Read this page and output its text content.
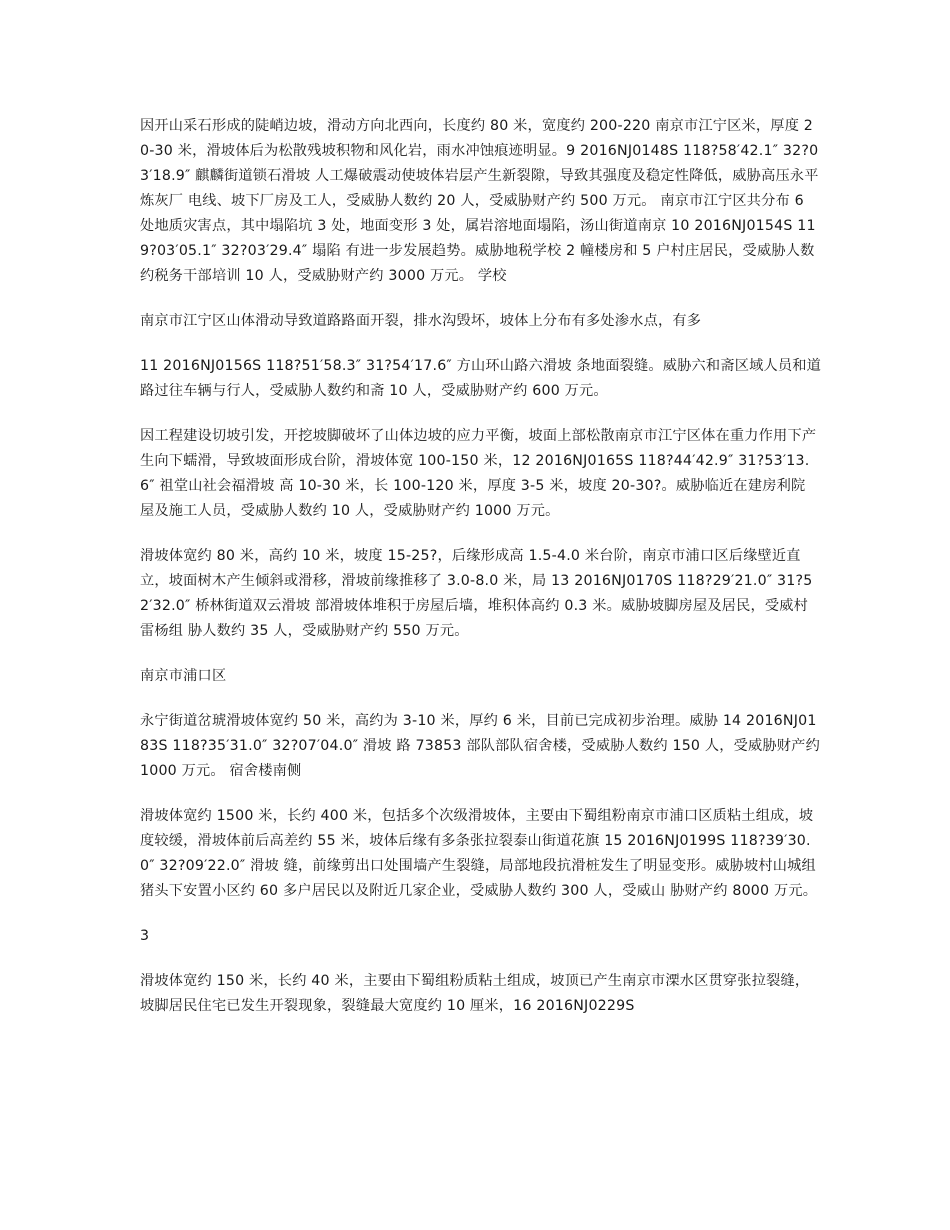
因开山采石形成的陡峭边坡，滑动方向北西向，长度约 80 米，宽度约 200-220 南京市江宁区米，厚度 20-30 米，滑坡体后为松散残坡积物和风化岩，雨水冲蚀痕迹明显。9 2016NJ0148S 118?58′42.1″ 32?03′18.9″ 麒麟街道锁石滑坡 人工爆破震动使坡体岩层产生新裂隙，导致其强度及稳定性降低，威胁高压永平炼灰厂 电线、坡下厂房及工人，受威胁人数约 20 人，受威胁财产约 500 万元。 南京市江宁区共分布 6 处地质灾害点，其中塌陷坑 3 处，地面变形 3 处，属岩溶地面塌陷，汤山街道南京 10 2016NJ0154S 119?03′05.1″ 32?03′29.4″ 塌陷 有进一步发展趋势。威胁地税学校 2 幢楼房和 5 户村庄居民，受威胁人数约税务干部培训 10 人，受威胁财产约 3000 万元。 学校

南京市江宁区山体滑动导致道路路面开裂，排水沟毁坏，坡体上分布有多处渗水点，有多

11 2016NJ0156S 118?51′58.3″ 31?54′17.6″ 方山环山路六滑坡 条地面裂缝。威胁六和斋区域人员和道路过往车辆与行人，受威胁人数约和斋 10 人，受威胁财产约 600 万元。

因工程建设切坡引发，开挖坡脚破坏了山体边坡的应力平衡，坡面上部松散南京市江宁区体在重力作用下产生向下蠕滑，导致坡面形成台阶，滑坡体宽 100-150 米，12 2016NJ0165S 118?44′42.9″ 31?53′13.6″ 祖堂山社会福滑坡 高 10-30 米，长 100-120 米，厚度 3-5 米，坡度 20-30?。威胁临近在建房利院 屋及施工人员，受威胁人数约 10 人，受威胁财产约 1000 万元。

滑坡体宽约 80 米，高约 10 米，坡度 15-25?，后缘形成高 1.5-4.0 米台阶，南京市浦口区后缘壁近直立，坡面树木产生倾斜或滑移，滑坡前缘推移了 3.0-8.0 米，局 13 2016NJ0170S 118?29′21.0″ 31?52′32.0″ 桥林街道双云滑坡 部滑坡体堆积于房屋后墙，堆积体高约 0.3 米。威胁坡脚房屋及居民，受威村雷杨组 胁人数约 35 人，受威胁财产约 550 万元。

南京市浦口区

永宁街道岔琥滑坡体宽约 50 米，高约为 3-10 米，厚约 6 米，目前已完成初步治理。威胁 14 2016NJ0183S 118?35′31.0″ 32?07′04.0″ 滑坡 路 73853 部队部队宿舍楼，受威胁人数约 150 人，受威胁财产约 1000 万元。 宿舍楼南侧

滑坡体宽约 1500 米，长约 400 米，包括多个次级滑坡体，主要由下蜀组粉南京市浦口区质粘土组成，坡度较缓，滑坡体前后高差约 55 米，坡体后缘有多条张拉裂泰山街道花旗 15 2016NJ0199S 118?39′30.0″ 32?09′22.0″ 滑坡 缝，前缘剪出口处围墙产生裂缝，局部地段抗滑桩发生了明显变形。威胁坡村山城组猪头下安置小区约 60 多户居民以及附近几家企业，受威胁人数约 300 人，受威山 胁财产约 8000 万元。

3

滑坡体宽约 150 米，长约 40 米，主要由下蜀组粉质粘土组成，坡顶已产生南京市溧水区贯穿张拉裂缝，坡脚居民住宅已发生开裂现象，裂缝最大宽度约 10 厘米，16 2016NJ0229S
